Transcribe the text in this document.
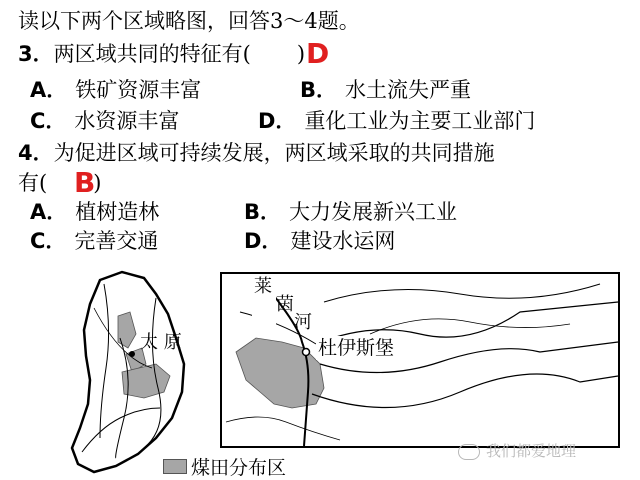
读以下两个区域略图，回答3～4题。
3．两区域共同的特征有( ) D
A． 铁矿资源丰富	B． 水土流失严重
C． 水资源丰富	D． 重化工业为主要工业部门
4．为促进区域可持续发展，两区域采取的共同措施
有( )
B
A． 植树造林	B． 大力发展新兴工业
C． 完善交通	D． 建设水运网
太 原
莱
茵
河
杜伊斯堡
煤田分布区
我们都爱地理
